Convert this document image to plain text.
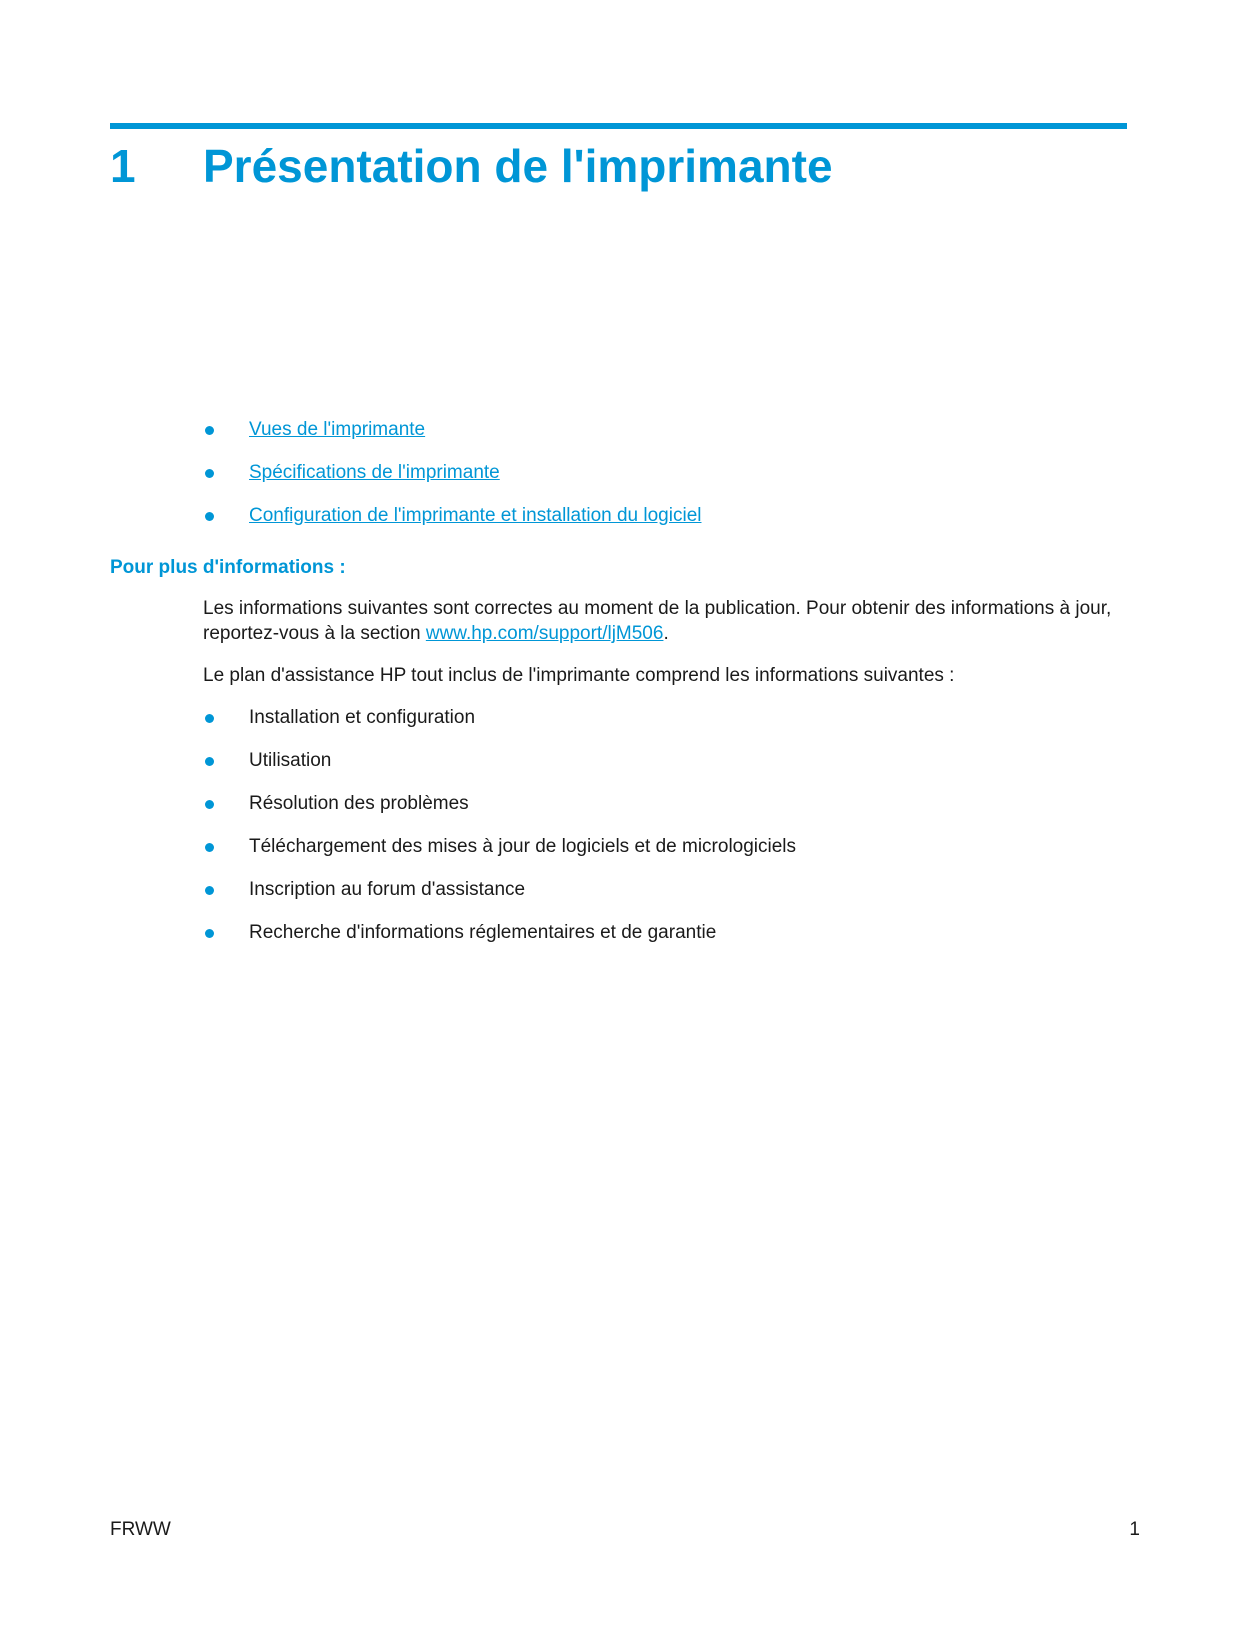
1 Présentation de l'imprimante
Vues de l'imprimante
Spécifications de l'imprimante
Configuration de l'imprimante et installation du logiciel
Pour plus d'informations :

Les informations suivantes sont correctes au moment de la publication. Pour obtenir des informations à jour, reportez-vous à la section www.hp.com/support/ljM506.

Le plan d'assistance HP tout inclus de l'imprimante comprend les informations suivantes :

Installation et configuration
Utilisation
Résolution des problèmes
Téléchargement des mises à jour de logiciels et de micrologiciels
Inscription au forum d'assistance
Recherche d'informations réglementaires et de garantie
FRWW	1
